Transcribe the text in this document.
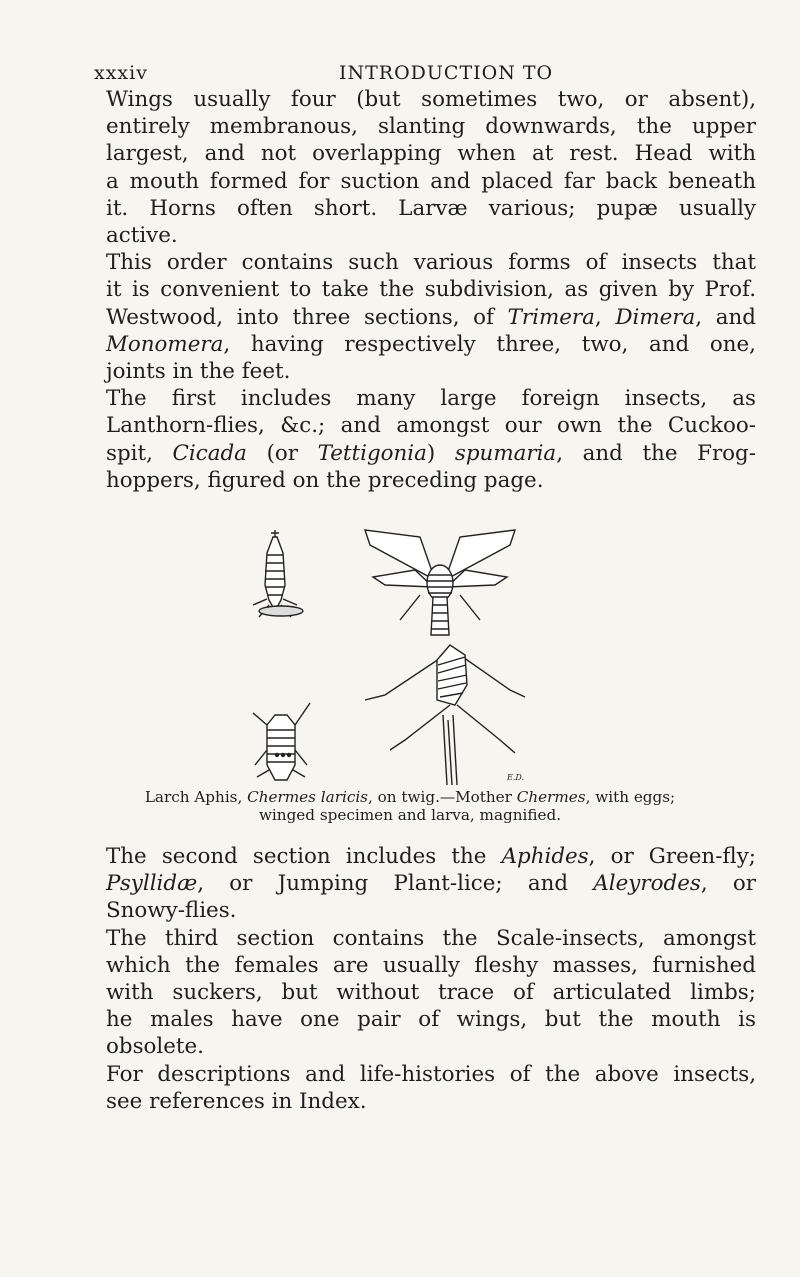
xxxiv	INTRODUCTION TO
Wings usually four (but sometimes two, or absent),
entirely membranous, slanting downwards, the upper
largest, and not overlapping when at rest. Head with
a mouth formed for suction and placed far back beneath
it. Horns often short. Larvæ various; pupæ usually
active.
This order contains such various forms of insects that
it is convenient to take the subdivision, as given by Prof.
Westwood, into three sections, of Trimera, Dimera, and
Monomera, having respectively three, two, and one,
joints in the feet.
The first includes many large foreign insects, as
Lanthorn-flies, &c.; and amongst our own the Cuckoo-
spit, Cicada (or Tettigonia) spumaria, and the Frog-
hoppers, figured on the preceding page.
E.D.
Larch Aphis, Chermes laricis, on twig.—Mother Chermes, with eggs;
winged specimen and larva, magnified.
The second section includes the Aphides, or Green-fly;
Psyllidæ, or Jumping Plant-lice; and Aleyrodes, or
Snowy-flies.
The third section contains the Scale-insects, amongst
which the females are usually fleshy masses, furnished
with suckers, but without trace of articulated limbs;
he males have one pair of wings, but the mouth is
obsolete.
For descriptions and life-histories of the above insects,
see references in Index.
